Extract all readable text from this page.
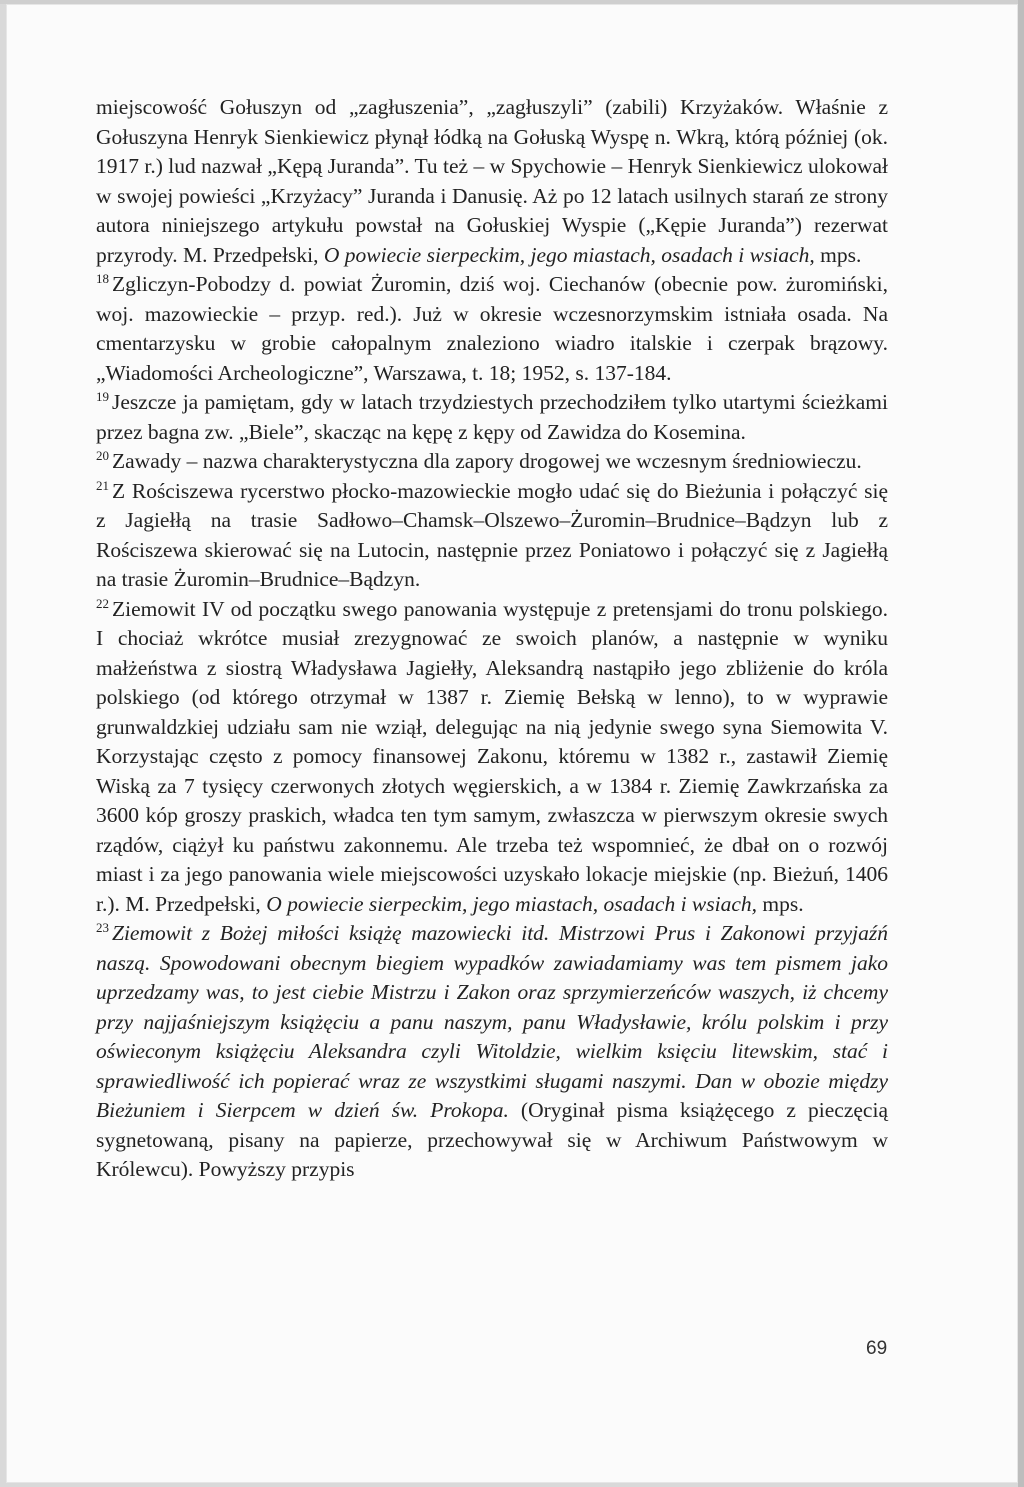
miejscowość Gołuszyn od „zagłuszenia”, „zagłuszyli” (zabili) Krzyżaków. Właśnie z Gołuszyna Henryk Sienkiewicz płynął łódką na Gołuską Wyspę n. Wkrą, którą później (ok. 1917 r.) lud nazwał „Kępą Juranda”. Tu też – w Spychowie – Henryk Sienkiewicz ulokował w swojej powieści „Krzyżacy” Juranda i Danusię. Aż po 12 latach usilnych starań ze strony autora niniejszego artykułu powstał na Gołuskiej Wyspie („Kępie Juranda”) rezerwat przyrody. M. Przedpełski, O powiecie sierpeckim, jego miastach, osadach i wsiach, mps.

$^{18}$ Zgliczyn-Pobodzy d. powiat Żuromin, dziś woj. Ciechanów (obecnie pow. żuromiński, woj. mazowieckie – przyp. red.). Już w okresie wczesnorzymskim istniała osada. Na cmentarzysku w grobie całopalnym znaleziono wiadro italskie i czerpak brązowy. „Wiadomości Archeologiczne”, Warszawa, t. 18; 1952, s. 137-184.

$^{19}$ Jeszcze ja pamiętam, gdy w latach trzydziestych przechodziłem tylko utartymi ścieżkami przez bagna zw. „Biele”, skacząc na kępę z kępy od Zawidza do Kosemina.

$^{20}$ Zawady – nazwa charakterystyczna dla zapory drogowej we wczesnym średniowieczu.

$^{21}$ Z Rościszewa rycerstwo płocko-mazowieckie mogło udać się do Bieżunia i połączyć się z Jagiełłą na trasie Sadłowo–Chamsk–Olszewo–Żuromin–Brudnice–Bądzyn lub z Rościszewa skierować się na Lutocin, następnie przez Poniatowo i połączyć się z Jagiełłą na trasie Żuromin–Brudnice–Bądzyn.

$^{22}$ Ziemowit IV od początku swego panowania występuje z pretensjami do tronu polskiego. I chociaż wkrótce musiał zrezygnować ze swoich planów, a następnie w wyniku małżeństwa z siostrą Władysława Jagiełły, Aleksandrą nastąpiło jego zbliżenie do króla polskiego (od którego otrzymał w 1387 r. Ziemię Bełską w lenno), to w wyprawie grunwaldzkiej udziału sam nie wziął, delegując na nią jedynie swego syna Siemowita V. Korzystając często z pomocy finansowej Zakonu, któremu w 1382 r., zastawił Ziemię Wiską za 7 tysięcy czerwonych złotych węgierskich, a w 1384 r. Ziemię Zawkrzańska za 3600 kóp groszy praskich, władca ten tym samym, zwłaszcza w pierwszym okresie swych rządów, ciążył ku państwu zakonnemu. Ale trzeba też wspomnieć, że dbał on o rozwój miast i za jego panowania wiele miejscowości uzyskało lokacje miejskie (np. Bieżuń, 1406 r.). M. Przedpełski, O powiecie sierpeckim, jego miastach, osadach i wsiach, mps.

$^{23}$ Ziemowit z Bożej miłości książę mazowiecki itd. Mistrzowi Prus i Zakonowi przyjaźń naszą. Spowodowani obecnym biegiem wypadków zawiadamiamy was tem pismem jako uprzedzamy was, to jest ciebie Mistrzu i Zakon oraz sprzymierzeńców waszych, iż chcemy przy najjaśniejszym książęciu a panu naszym, panu Władysławie, królu polskim i przy oświeconym książęciu Aleksandra czyli Witoldzie, wielkim księciu litewskim, stać i sprawiedliwość ich popierać wraz ze wszystkimi sługami naszymi. Dan w obozie między Bieżuniem i Sierpcem w dzień św. Prokopa. (Oryginał pisma książęcego z pieczęcią sygnetowaną, pisany na papierze, przechowywał się w Archiwum Państwowym w Królewcu). Powyższy przypis

69
